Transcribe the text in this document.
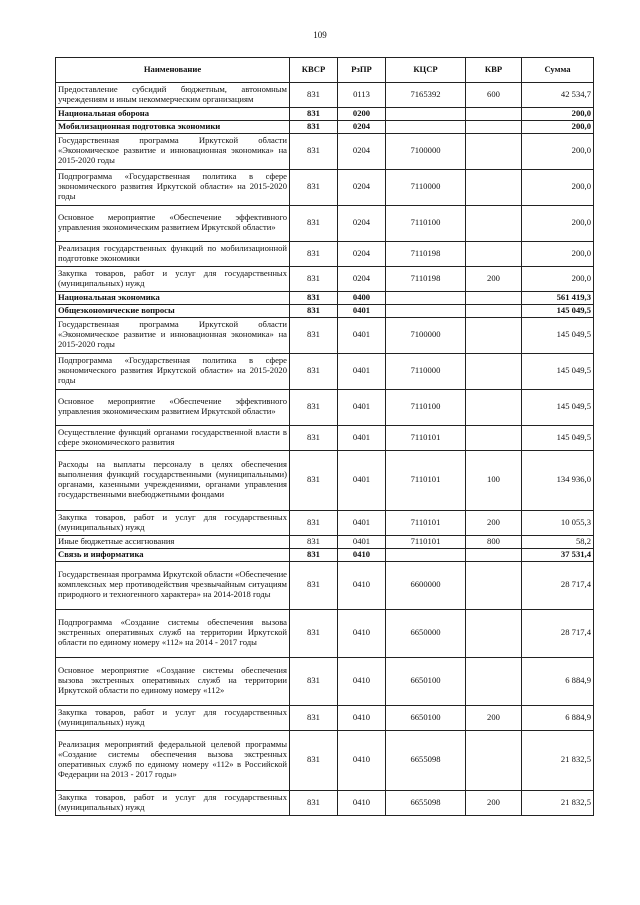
109
Наименование	КВСР	РзПР	КЦСР	КВР	Сумма
Предоставление субсидий бюджетным, автономным учреждениям и иным некоммерческим организациям	831	0113	7165392	600	42 534,7
Национальная оборона	831	0200			200,0
Мобилизационная подготовка экономики	831	0204			200,0
Государственная программа Иркутской области «Экономическое развитие и инновационная экономика» на 2015-2020 годы	831	0204	7100000		200,0
Подпрограмма «Государственная политика в сфере экономического развития Иркутской области» на 2015-2020 годы	831	0204	7110000		200,0
Основное мероприятие «Обеспечение эффективного управления экономическим развитием Иркутской области»	831	0204	7110100		200,0
Реализация государственных функций по мобилизационной подготовке экономики	831	0204	7110198		200,0
Закупка товаров, работ и услуг для государственных (муниципальных) нужд	831	0204	7110198	200	200,0
Национальная экономика	831	0400			561 419,3
Общеэкономические вопросы	831	0401			145 049,5
Государственная программа Иркутской области «Экономическое развитие и инновационная экономика» на 2015-2020 годы	831	0401	7100000		145 049,5
Подпрограмма «Государственная политика в сфере экономического развития Иркутской области» на 2015-2020 годы	831	0401	7110000		145 049,5
Основное мероприятие «Обеспечение эффективного управления экономическим развитием Иркутской области»	831	0401	7110100		145 049,5
Осуществление функций органами государственной власти в сфере экономического развития	831	0401	7110101		145 049,5
Расходы на выплаты персоналу в целях обеспечения выполнения функций государственными (муниципальными) органами, казенными учреждениями, органами управления государственными внебюджетными фондами	831	0401	7110101	100	134 936,0
Закупка товаров, работ и услуг для государственных (муниципальных) нужд	831	0401	7110101	200	10 055,3
Иные бюджетные ассигнования	831	0401	7110101	800	58,2
Связь и информатика	831	0410			37 531,4
Государственная программа Иркутской области «Обеспечение комплексных мер противодействия чрезвычайным ситуациям природного и техногенного характера» на 2014-2018 годы	831	0410	6600000		28 717,4
Подпрограмма «Создание системы обеспечения вызова экстренных оперативных служб на территории Иркутской области по единому номеру «112» на 2014 - 2017 годы	831	0410	6650000		28 717,4
Основное мероприятие «Создание системы обеспечения вызова экстренных оперативных служб на территории Иркутской области по единому номеру «112»	831	0410	6650100		6 884,9
Закупка товаров, работ и услуг для государственных (муниципальных) нужд	831	0410	6650100	200	6 884,9
Реализация мероприятий федеральной целевой программы «Создание системы обеспечения вызова экстренных оперативных служб по единому номеру «112» в Российской Федерации на 2013 - 2017 годы»	831	0410	6655098		21 832,5
Закупка товаров, работ и услуг для государственных (муниципальных) нужд	831	0410	6655098	200	21 832,5
